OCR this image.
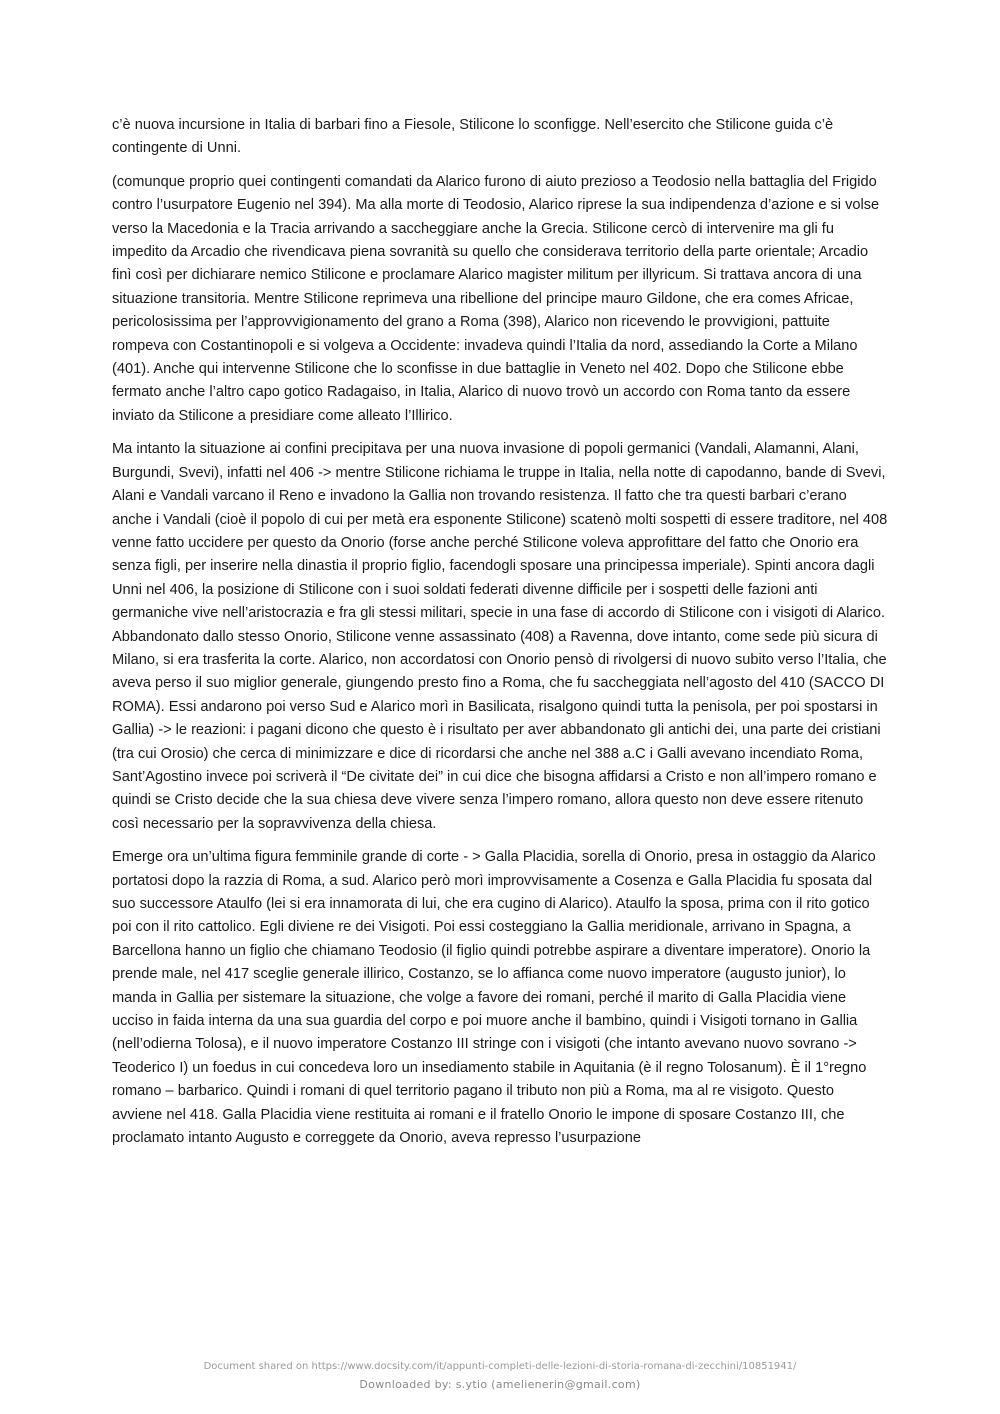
c’è nuova incursione in Italia di barbari fino a Fiesole, Stilicone lo sconfigge. Nell’esercito che Stilicone guida c’è contingente di Unni.

(comunque proprio quei contingenti comandati da Alarico furono di aiuto prezioso a Teodosio nella battaglia del Frigido contro l’usurpatore Eugenio nel 394). Ma alla morte di Teodosio, Alarico riprese la sua indipendenza d’azione e si volse verso la Macedonia e la Tracia arrivando a saccheggiare anche la Grecia. Stilicone cercò di intervenire ma gli fu impedito da Arcadio che rivendicava piena sovranità su quello che considerava territorio della parte orientale; Arcadio finì così per dichiarare nemico Stilicone e proclamare Alarico magister militum per illyricum. Si trattava ancora di una situazione transitoria. Mentre Stilicone reprimeva una ribellione del principe mauro Gildone, che era comes Africae, pericolosissima per l’approvvigionamento del grano a Roma (398), Alarico non ricevendo le provvigioni, pattuite rompeva con Costantinopoli e si volgeva a Occidente: invadeva quindi l’Italia da nord, assediando la Corte a Milano (401). Anche qui intervenne Stilicone che lo sconfisse in due battaglie in Veneto nel 402. Dopo che Stilicone ebbe fermato anche l’altro capo gotico Radagaiso, in Italia, Alarico di nuovo trovò un accordo con Roma tanto da essere inviato da Stilicone a presidiare come alleato l’Illirico.

Ma intanto la situazione ai confini precipitava per una nuova invasione di popoli germanici (Vandali, Alamanni, Alani, Burgundi, Svevi), infatti nel 406 -> mentre Stilicone richiama le truppe in Italia, nella notte di capodanno, bande di Svevi, Alani e Vandali varcano il Reno e invadono la Gallia non trovando resistenza. Il fatto che tra questi barbari c’erano anche i Vandali (cioè il popolo di cui per metà era esponente Stilicone) scatenò molti sospetti di essere traditore, nel 408 venne fatto uccidere per questo da Onorio (forse anche perché Stilicone voleva approfittare del fatto che Onorio era senza figli, per inserire nella dinastia il proprio figlio, facendogli sposare una principessa imperiale). Spinti ancora dagli Unni nel 406, la posizione di Stilicone con i suoi soldati federati divenne difficile per i sospetti delle fazioni anti germaniche vive nell’aristocrazia e fra gli stessi militari, specie in una fase di accordo di Stilicone con i visigoti di Alarico. Abbandonato dallo stesso Onorio, Stilicone venne assassinato (408) a Ravenna, dove intanto, come sede più sicura di Milano, si era trasferita la corte. Alarico, non accordatosi con Onorio pensò di rivolgersi di nuovo subito verso l’Italia, che aveva perso il suo miglior generale, giungendo presto fino a Roma, che fu saccheggiata nell’agosto del 410 (SACCO DI ROMA). Essi andarono poi verso Sud e Alarico morì in Basilicata, risalgono quindi tutta la penisola, per poi spostarsi in Gallia) -> le reazioni: i pagani dicono che questo è i risultato per aver abbandonato gli antichi dei, una parte dei cristiani (tra cui Orosio) che cerca di minimizzare e dice di ricordarsi che anche nel 388 a.C i Galli avevano incendiato Roma, Sant’Agostino invece poi scriverà il “De civitate dei” in cui dice che bisogna affidarsi a Cristo e non all’impero romano e quindi se Cristo decide che la sua chiesa deve vivere senza l’impero romano, allora questo non deve essere ritenuto così necessario per la sopravvivenza della chiesa.

Emerge ora un’ultima figura femminile grande di corte - > Galla Placidia, sorella di Onorio, presa in ostaggio da Alarico portatosi dopo la razzia di Roma, a sud. Alarico però morì improvvisamente a Cosenza e Galla Placidia fu sposata dal suo successore Ataulfo (lei si era innamorata di lui, che era cugino di Alarico). Ataulfo la sposa, prima con il rito gotico poi con il rito cattolico. Egli diviene re dei Visigoti. Poi essi costeggiano la Gallia meridionale, arrivano in Spagna, a Barcellona hanno un figlio che chiamano Teodosio (il figlio quindi potrebbe aspirare a diventare imperatore). Onorio la prende male, nel 417 sceglie generale illirico, Costanzo, se lo affianca come nuovo imperatore (augusto junior), lo manda in Gallia per sistemare la situazione, che volge a favore dei romani, perché il marito di Galla Placidia viene ucciso in faida interna da una sua guardia del corpo e poi muore anche il bambino, quindi i Visigoti tornano in Gallia (nell’odierna Tolosa), e il nuovo imperatore Costanzo III stringe con i visigoti (che intanto avevano nuovo sovrano -> Teoderico I) un foedus in cui concedeva loro un insediamento stabile in Aquitania (è il regno Tolosanum). È il 1°regno romano – barbarico. Quindi i romani di quel territorio pagano il tributo non più a Roma, ma al re visigoto. Questo avviene nel 418. Galla Placidia viene restituita ai romani e il fratello Onorio le impone di sposare Costanzo III, che proclamato intanto Augusto e correggete da Onorio, aveva represso l’usurpazione

Document shared on https://www.docsity.com/it/appunti-completi-delle-lezioni-di-storia-romana-di-zecchini/10851941/
Downloaded by: s.ytio (amelienerin@gmail.com)
